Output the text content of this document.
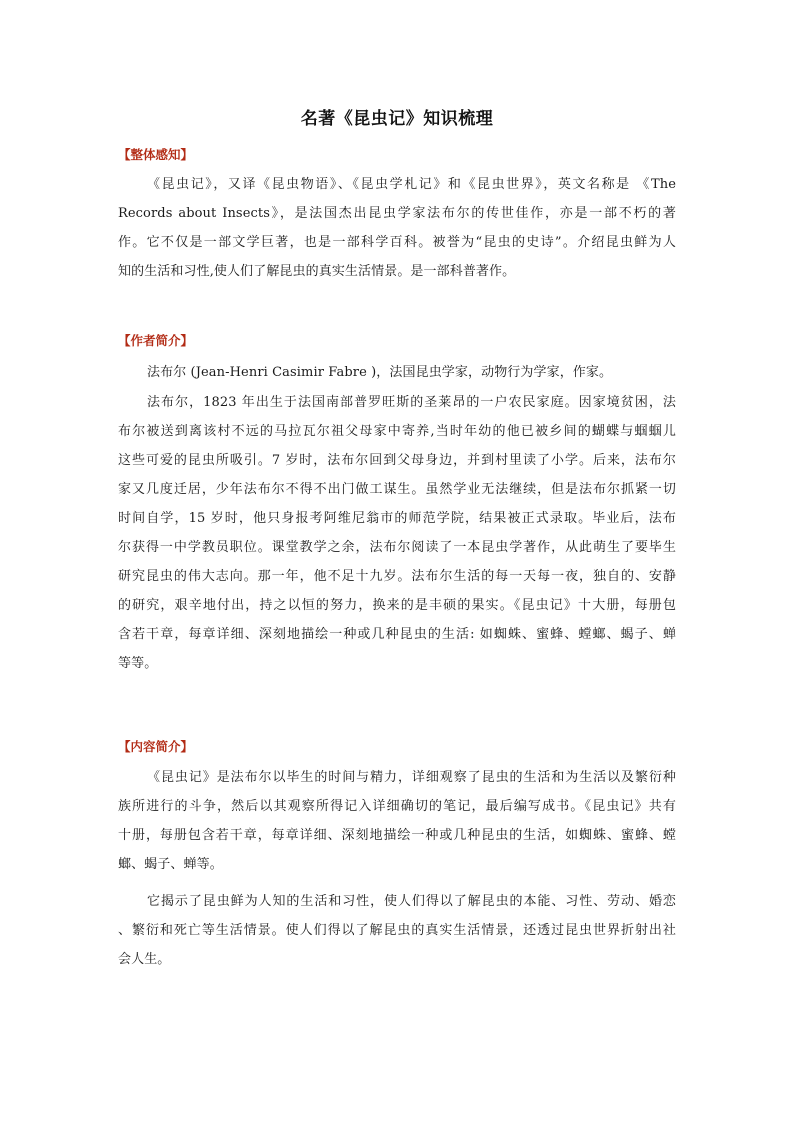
名著《昆虫记》知识梳理
【整体感知】
《昆虫记》，又译《昆虫物语》、《昆虫学札记》和《昆虫世界》，英文名称是 《The
Records about Insects》，是法国杰出昆虫学家法布尔的传世佳作，亦是一部不朽的著
作。它不仅是一部文学巨著，也是一部科学百科。被誉为“昆虫的史诗”。介绍昆虫鲜为人
知的生活和习性,使人们了解昆虫的真实生活情景。是一部科普著作。
【作者简介】
法布尔 (Jean-Henri Casimir Fabre )，法国昆虫学家，动物行为学家，作家。
法布尔，1823 年出生于法国南部普罗旺斯的圣莱昂的一户农民家庭。因家境贫困，法
布尔被送到离该村不远的马拉瓦尔祖父母家中寄养,当时年幼的他已被乡间的蝴蝶与蝈蝈儿
这些可爱的昆虫所吸引。7 岁时，法布尔回到父母身边，并到村里读了小学。后来，法布尔
家又几度迁居，少年法布尔不得不出门做工谋生。虽然学业无法继续，但是法布尔抓紧一切
时间自学，15 岁时，他只身报考阿维尼翁市的师范学院，结果被正式录取。毕业后，法布
尔获得一中学教员职位。课堂教学之余，法布尔阅读了一本昆虫学著作，从此萌生了要毕生
研究昆虫的伟大志向。那一年，他不足十九岁。法布尔生活的每一天每一夜，独自的、安静
的研究，艰辛地付出，持之以恒的努力，换来的是丰硕的果实。《昆虫记》十大册，每册包
含若干章，每章详细、深刻地描绘一种或几种昆虫的生活: 如蜘蛛、蜜蜂、螳螂、蝎子、蝉
等等。
【内容简介】
《昆虫记》是法布尔以毕生的时间与精力，详细观察了昆虫的生活和为生活以及繁衍种
族所进行的斗争，然后以其观察所得记入详细确切的笔记，最后编写成书。《昆虫记》共有
十册，每册包含若干章，每章详细、深刻地描绘一种或几种昆虫的生活，如蜘蛛、蜜蜂、螳
螂、蝎子、蝉等。
它揭示了昆虫鲜为人知的生活和习性，使人们得以了解昆虫的本能、习性、劳动、婚恋
、繁衍和死亡等生活情景。使人们得以了解昆虫的真实生活情景，还透过昆虫世界折射出社
会人生。
